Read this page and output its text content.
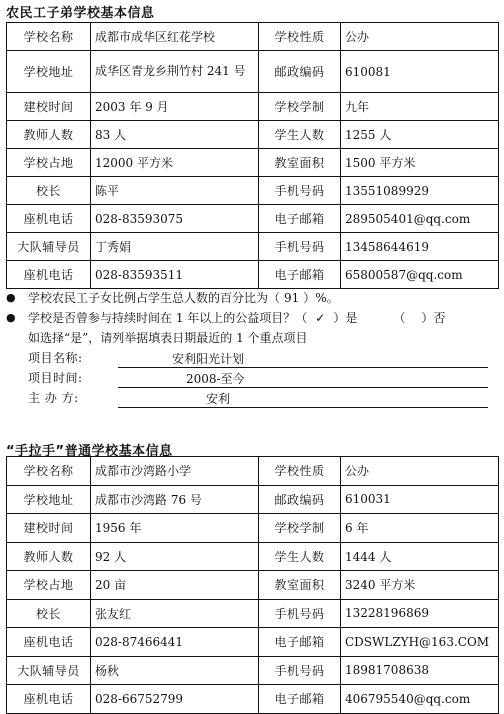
农民工子弟学校基本信息
学校名称	成都市成华区红花学校	学校性质	公办
学校地址	成华区青龙乡荆竹村 241 号	邮政编码	610081
建校时间	2003 年 9 月	学校学制	九年
教师人数	83 人	学生人数	1255 人
学校占地	12000 平方米	教室面积	1500 平方米
校长	陈平	手机号码	13551089929
座机电话	028-83593075	电子邮箱	289505401@qq.com
大队辅导员	丁秀娟	手机号码	13458644619
座机电话	028-83593511	电子邮箱	65800587@qq.com
●	学校农民工子女比例占学生总人数的百分比为（ 91 ）%。
●	学校是否曾参与持续时间在 1 年以上的公益项目？（ ✓ ）是	（ ）否
如选择“是”，请列举据填表日期最近的 1 个重点项目
项目名称:	安利阳光计划
项目时间:	2008-至今
主 办 方:	安利
“手拉手”普通学校基本信息
学校名称	成都市沙湾路小学	学校性质	公办
学校地址	成都市沙湾路 76 号	邮政编码	610031
建校时间	1956 年	学校学制	6 年
教师人数	92 人	学生人数	1444 人
学校占地	20 亩	教室面积	3240 平方米
校长	张友红	手机号码	13228196869
座机电话	028-87466441	电子邮箱	CDSWLZYH@163.COM
大队辅导员	杨秋	手机号码	18981708638
座机电话	028-66752799	电子邮箱	406795540@qq.com
